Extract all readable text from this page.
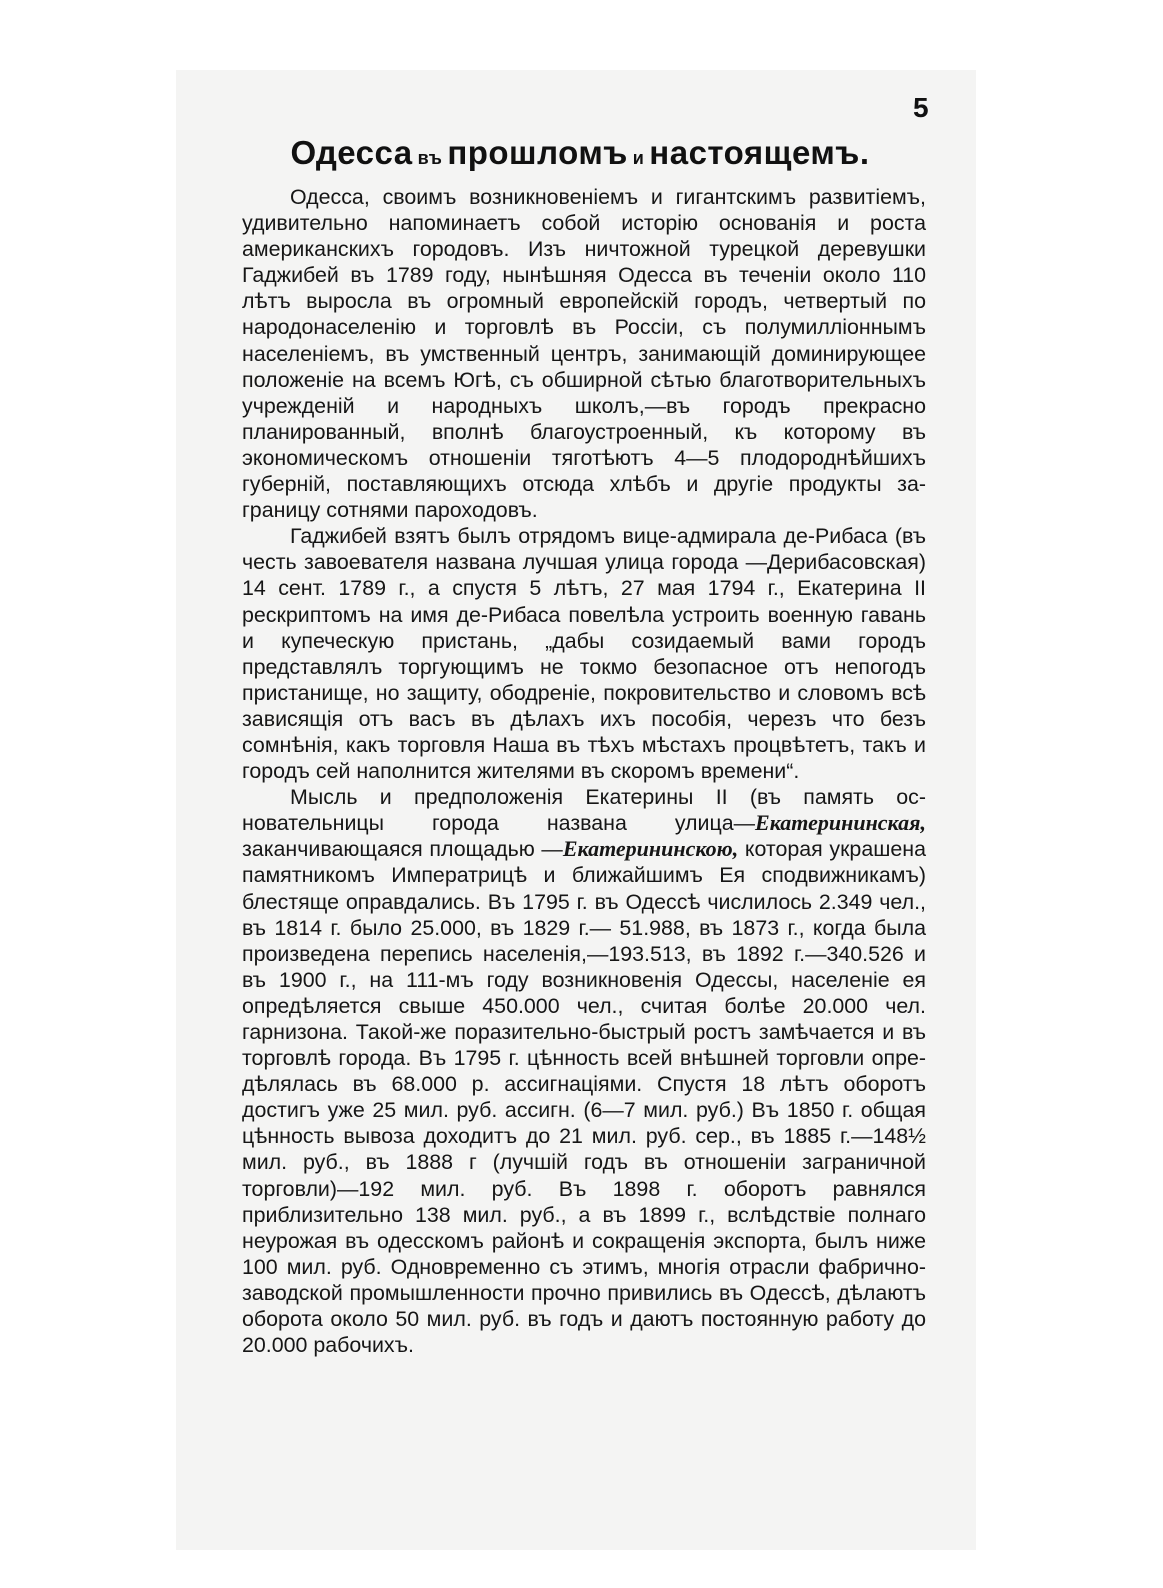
5
Одесса въ прошломъ и настоящемъ.

Одесса, своимъ возникновеніемъ и гигантскимъ развитіемъ, удивительно напоминаетъ собой исторію основанія и роста американскихъ городовъ. Изъ ничтожной турецкой деревушки Гаджибей въ 1789 году, нынѣшняя Одесса въ теченіи около 110 лѣтъ выросла въ огромный европейскій городъ, четвертый по народонаселенію и торговлѣ въ Россіи, съ полумилліоннымъ населеніемъ, въ умственный центръ, занимающій доминирующее положеніе на всемъ Югѣ, съ обширной сѣтью благотворительныхъ учрежденій и народныхъ школъ,—въ городъ прекрасно планированный, вполнѣ благоустроенный, къ которому въ экономическомъ отношеніи тяготѣютъ 4—5 плодороднѣйшихъ губерній, поставляющихъ отсюда хлѣбъ и другіе продукты за-границу сотнями пароходовъ.

Гаджибей взятъ былъ отрядомъ вице-адмирала де-Рибаса (въ честь завоевателя названа лучшая улица города —Дерибасовская) 14 сент. 1789 г., а спустя 5 лѣтъ, 27 мая 1794 г., Екатерина II рескриптомъ на имя де-Рибаса повелѣла устроить военную гавань и купеческую пристань, „дабы созидаемый вами городъ представлялъ торгующимъ не токмо безопасное отъ непогодъ пристанище, но защиту, ободреніе, покровительство и словомъ всѣ зависящія отъ васъ въ дѣлахъ ихъ пособія, черезъ что безъ сомнѣнія, какъ торговля Наша въ тѣхъ мѣстахъ процвѣтетъ, такъ и городъ сей наполнится жителями въ скоромъ времени“.

Мысль и предположенія Екатерины II (въ память основательницы города названа улица—Екатерининская, заканчивающаяся площадью —Екатерининскою, которая украшена памятникомъ Императрицѣ и ближайшимъ Ея сподвижникамъ) блестяще оправдались. Въ 1795 г. въ Одессѣ числилось 2.349 чел., въ 1814 г. было 25.000, въ 1829 г.— 51.988, въ 1873 г., когда была произведена перепись населенія,—193.513, въ 1892 г.—340.526 и въ 1900 г., на 111-мъ году возникновенія Одессы, населеніе ея опредѣляется свыше 450.000 чел., считая болѣе 20.000 чел. гарнизона. Такой-же поразительно-быстрый ростъ замѣчается и въ торговлѣ города. Въ 1795 г. цѣнность всей внѣшней торговли опредѣлялась въ 68.000 р. ассигнаціями. Спустя 18 лѣтъ оборотъ достигъ уже 25 мил. руб. ассигн. (6—7 мил. руб.) Въ 1850 г. общая цѣнность вывоза доходитъ до 21 мил. руб. сер., въ 1885 г.—148½ мил. руб., въ 1888 г (лучшій годъ въ отношеніи заграничной торговли)—192 мил. руб. Въ 1898 г. оборотъ равнялся приблизительно 138 мил. руб., а въ 1899 г., вслѣдствіе полнаго неурожая въ одесскомъ районѣ и сокращенія экспорта, былъ ниже 100 мил. руб. Одновременно съ этимъ, многія отрасли фабрично-заводской промышленности прочно привились въ Одессѣ, дѣлаютъ оборота около 50 мил. руб. въ годъ и даютъ постоянную работу до 20.000 рабочихъ.
